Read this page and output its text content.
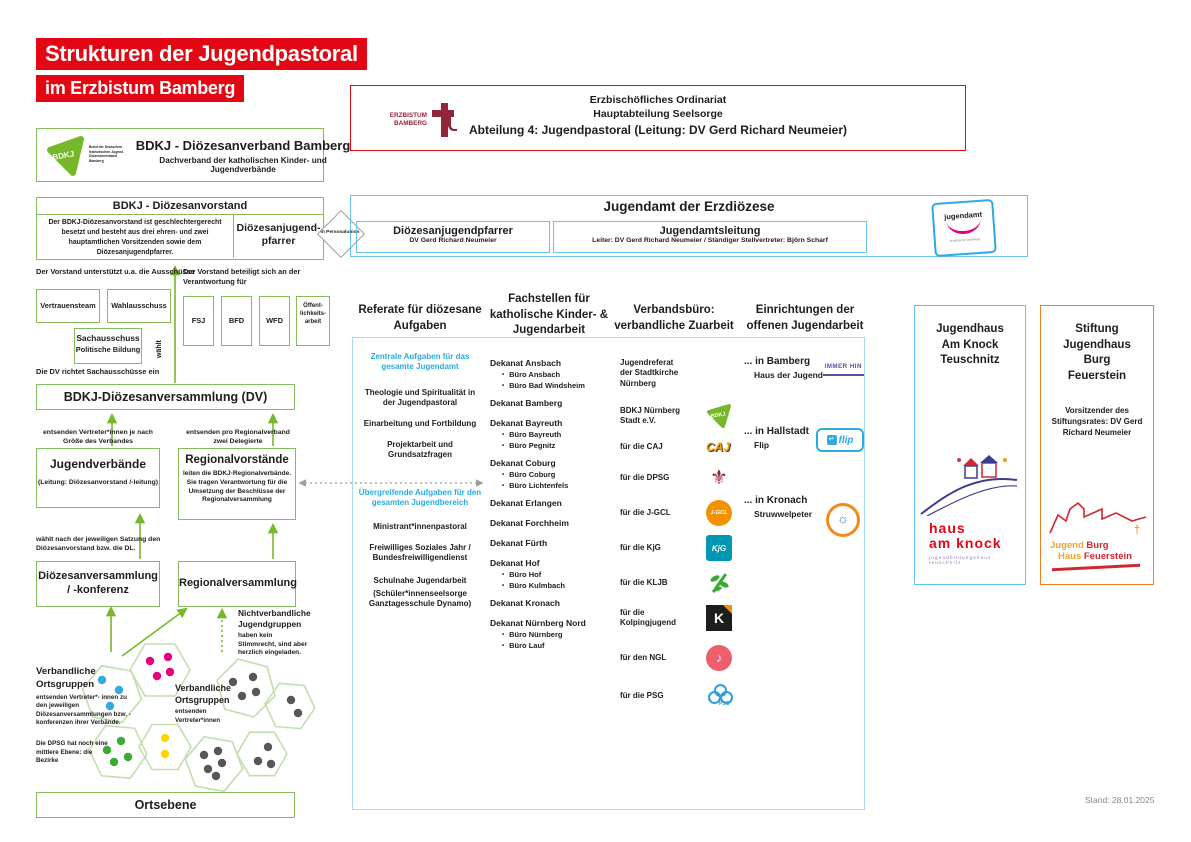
Strukturen der Jugendpastoral
im Erzbistum Bamberg
BDKJ
Bund der Deutschen Katholischen Jugend Diözesanverband Bamberg
BDKJ - Diözesanverband Bamberg
Dachverband der katholischen Kinder- und Jugendverbände
BDKJ - Diözesanvorstand
Der BDKJ-Diözesanvorstand ist geschlechtergerecht besetzt und besteht aus drei ehren- und zwei hauptamtlichen Vorsitzenden sowie dem Diözesanjugendpfarrer.
Diözesanjugend- pfarrer
in Personalunion
ERZBISTUM BAMBERG
Erzbischöfliches Ordinariat
Hauptabteilung Seelsorge
Abteilung 4: Jugendpastoral (Leitung: DV Gerd Richard Neumeier)
Jugendamt der Erzdiözese
Diözesanjugendpfarrer
DV Gerd Richard Neumeier
Jugendamtsleitung
Leiter: DV Gerd Richard Neumeier / Ständiger Stellvertreter: Björn Scharf
jugendamt
erzdiözese bamberg
Der Vorstand unterstützt u.a. die Ausschüsse
Der Vorstand beteiligt sich an der Verantwortung für
wählt
Vertrauensteam	Wahlausschuss
Sachausschuss
Politische Bildung
FSJ	BFD	WFD
Öffent- lichkeits- arbeit
Die DV richtet Sachausschüsse ein
BDKJ-Diözesanversammlung (DV)
entsenden Vertreter*innen je nach Größe des Verbandes
entsenden pro Regionalverband zwei Delegierte
Jugendverbände
(Leitung: Diözesanvorstand /-leitung)
Regionalvorstände
leiten die BDKJ-Regionalverbände. Sie tragen Verantwortung für die Umsetzung der Beschlüsse der Regionalversammlung
wählt nach der jeweiligen Satzung den Diözesanvorstand bzw. die DL.
Diözesanversammlung / -konferenz
Regionalversammlung
Nichtverbandliche Jugendgruppen
haben kein Stimmrecht, sind aber herzlich eingeladen.
Verbandliche Ortsgruppen
entsenden Vertreter*- innen zu den jeweiligen Diözesanversammlungen bzw. -konferenzen ihrer Verbände.
Die DPSG hat noch eine mittlere Ebene: die Bezirke
Verbandliche Ortsgruppen
entsenden Vertreter*innen
Ortsebene
Referate für diözesane Aufgaben
Fachstellen für katholische Kinder- & Jugendarbeit
Verbandsbüro: verbandliche Zuarbeit
Einrichtungen der offenen Jugendarbeit
Zentrale Aufgaben für das gesamte Jugendamt
Theologie und Spiritualität in der Jugendpastoral
Einarbeitung und Fortbildung
Projektarbeit und Grundsatzfragen
Übergreifende Aufgaben für den gesamten Jugendbereich
Ministrant*innenpastoral
Freiwilliges Soziales Jahr / Bundesfreiwilligendienst
Schulnahe Jugendarbeit
(Schüler*innenseelsorge Ganztagesschule Dynamo)
Dekanat Ansbach
• Büro Ansbach
• Büro Bad Windsheim
Dekanat Bamberg
Dekanat Bayreuth
• Büro Bayreuth
• Büro Pegnitz
Dekanat Coburg
• Büro Coburg
• Büro Lichtenfels
Dekanat Erlangen
Dekanat Forchheim
Dekanat Fürth
Dekanat Hof
• Büro Hof
• Büro Kulmbach
Dekanat Kronach
Dekanat Nürnberg Nord
• Büro Nürnberg
• Büro Lauf
Jugendreferat der Stadtkirche Nürnberg
BDKJ Nürnberg Stadt e.V.
BDKJ
für die CAJ	CAJ
für die DPSG	⚜
für die J-GCL	J-GCL
für die KjG	KjG
für die KLJB
für die Kolpingjugend	K
für den NGL	♪
für die PSG
PSG
... in Bamberg
Haus der Jugend
IMMER HIN
... in Hallstadt
Flip
↵ flip
... in Kronach
Struwwelpeter	☼
Jugendhaus Am Knock Teuschnitz
haus
am knock
jugendbildungshaus
teuschnitz
Stiftung Jugendhaus Burg Feuerstein
Vorsitzender des Stiftungsrates: DV Gerd Richard Neumeier
†
Jugend Burg
Haus Feuerstein
Stand: 28.01.2025
